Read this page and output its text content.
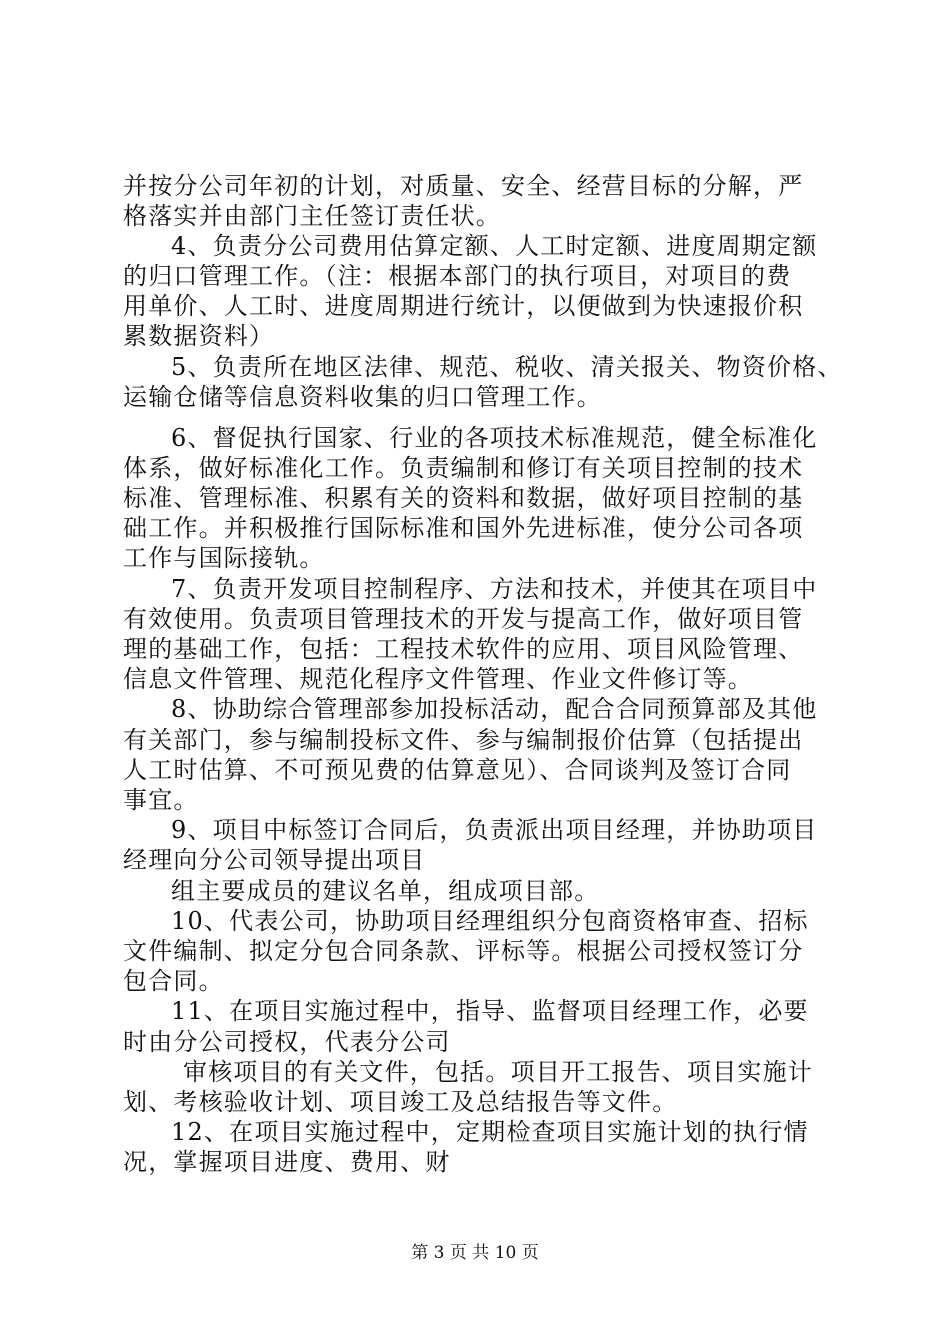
并按分公司年初的计划，对质量、安全、经营目标的分解，严
格落实并由部门主任签订责任状。
4、负责分公司费用估算定额、人工时定额、进度周期定额
的归口管理工作。（注：根据本部门的执行项目，对项目的费
用单价、人工时、进度周期进行统计，以便做到为快速报价积
累数据资料）
5、负责所在地区法律、规范、税收、清关报关、物资价格、
运输仓储等信息资料收集的归口管理工作。
6、督促执行国家、行业的各项技术标准规范，健全标准化
体系，做好标准化工作。负责编制和修订有关项目控制的技术
标准、管理标准、积累有关的资料和数据，做好项目控制的基
础工作。并积极推行国际标准和国外先进标准，使分公司各项
工作与国际接轨。
7、负责开发项目控制程序、方法和技术，并使其在项目中
有效使用。负责项目管理技术的开发与提高工作，做好项目管
理的基础工作，包括：工程技术软件的应用、项目风险管理、
信息文件管理、规范化程序文件管理、作业文件修订等。
8、协助综合管理部参加投标活动，配合合同预算部及其他
有关部门，参与编制投标文件、参与编制报价估算（包括提出
人工时估算、不可预见费的估算意见）、合同谈判及签订合同
事宜。
9、项目中标签订合同后，负责派出项目经理，并协助项目
经理向分公司领导提出项目
组主要成员的建议名单，组成项目部。
10、代表公司，协助项目经理组织分包商资格审查、招标
文件编制、拟定分包合同条款、评标等。根据公司授权签订分
包合同。
11、在项目实施过程中，指导、监督项目经理工作，必要
时由分公司授权，代表分公司
审核项目的有关文件，包括。项目开工报告、项目实施计
划、考核验收计划、项目竣工及总结报告等文件。
12、在项目实施过程中，定期检查项目实施计划的执行情
况，掌握项目进度、费用、财
第 3 页 共 10 页
